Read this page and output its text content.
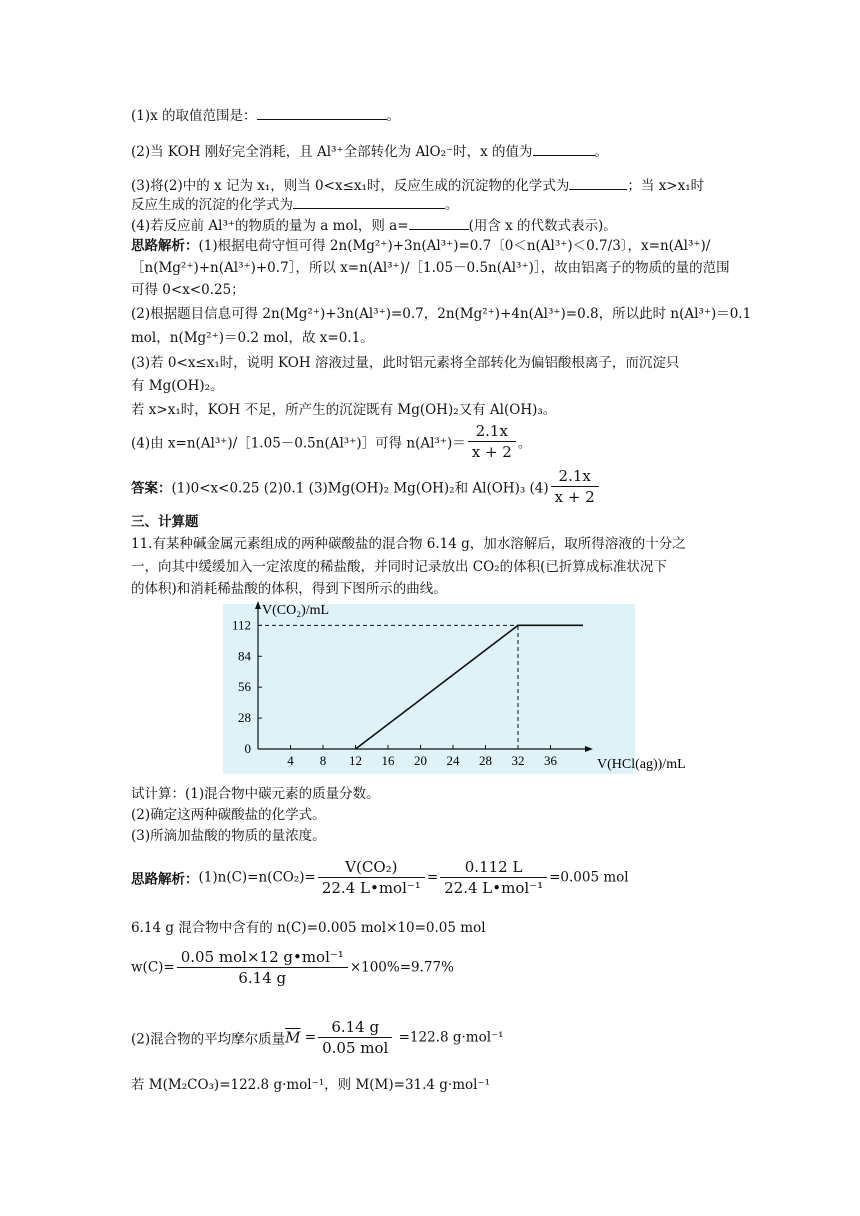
(1)x 的取值范围是：	。
(2)当 KOH 刚好完全消耗，且 Al³⁺全部转化为 AlO₂⁻时，x 的值为	。
(3)将(2)中的 x 记为 x₁，则当 0<x≤x₁时，反应生成的沉淀物的化学式为	；当 x>x₁时
反应生成的沉淀的化学式为	。
(4)若反应前 Al³⁺的物质的量为 a mol，则 a=	(用含 x 的代数式表示)。
思路解析：(1)根据电荷守恒可得 2n(Mg²⁺)+3n(Al³⁺)=0.7〔0＜n(Al³⁺)＜0.7/3〕，x=n(Al³⁺)/
［n(Mg²⁺)+n(Al³⁺)+0.7］，所以 x=n(Al³⁺)/［1.05－0.5n(Al³⁺)］，故由铝离子的物质的量的范围
可得 0<x<0.25；
(2)根据题目信息可得 2n(Mg²⁺)+3n(Al³⁺)=0.7，2n(Mg²⁺)+4n(Al³⁺)=0.8，所以此时 n(Al³⁺)＝0.1
mol，n(Mg²⁺)＝0.2 mol，故 x=0.1。
(3)若 0<x≤x₁时，说明 KOH 溶液过量，此时铝元素将全部转化为偏铝酸根离子，而沉淀只
有 Mg(OH)₂。
若 x>x₁时，KOH 不足，所产生的沉淀既有 Mg(OH)₂又有 Al(OH)₃。
(4)由 x=n(Al³⁺)/［1.05－0.5n(Al³⁺)］可得 $n(Al^{3+})= \frac{2.1x}{x + 2}$ 。
答案：(1)0<x<0.25 (2)0.1 (3)Mg(OH)₂ Mg(OH)₂和 Al(OH)₃ $(4) \frac{2.1x}{x + 2}$
三、计算题
11.有某种碱金属元素组成的两种碳酸盐的混合物 6.14 g，加水溶解后，取所得溶液的十分之
一，向其中缓缓加入一定浓度的稀盐酸，并同时记录放出 CO₂的体积(已折算成标准状况下
的体积)和消耗稀盐酸的体积，得到下图所示的曲线。
4 8 12 16 20 24 28 32 36
0
28
56
84
112
V(CO₂)/mL
V(HCl(ag))/mL
试计算：(1)混合物中碳元素的质量分数。
(2)确定这两种碳酸盐的化学式。
(3)所滴加盐酸的物质的量浓度。
思路解析：$(1)n(C)=n(CO_2)= \frac{\text{V(CO₂)}}{\text{22.4 L•mol⁻¹}} = \frac{0.112 L}{\text{22.4 L•mol⁻¹}} =0.005$ mol
6.14 g 混合物中含有的 n(C)=0.005 mol×10=0.05 mol
$w(C)= \frac{\text{0.05 mol×12 g•mol⁻¹}}{6.14 g} \times 100\%=9.77\%$
(2)混合物的平均摩尔质量$\overline{M} = \frac{6.14 g}{\text{0.05 mol}} =122.8$ g·mol⁻¹
若 M(M₂CO₃)=122.8 g·mol⁻¹，则 M(M)=31.4 g·mol⁻¹
